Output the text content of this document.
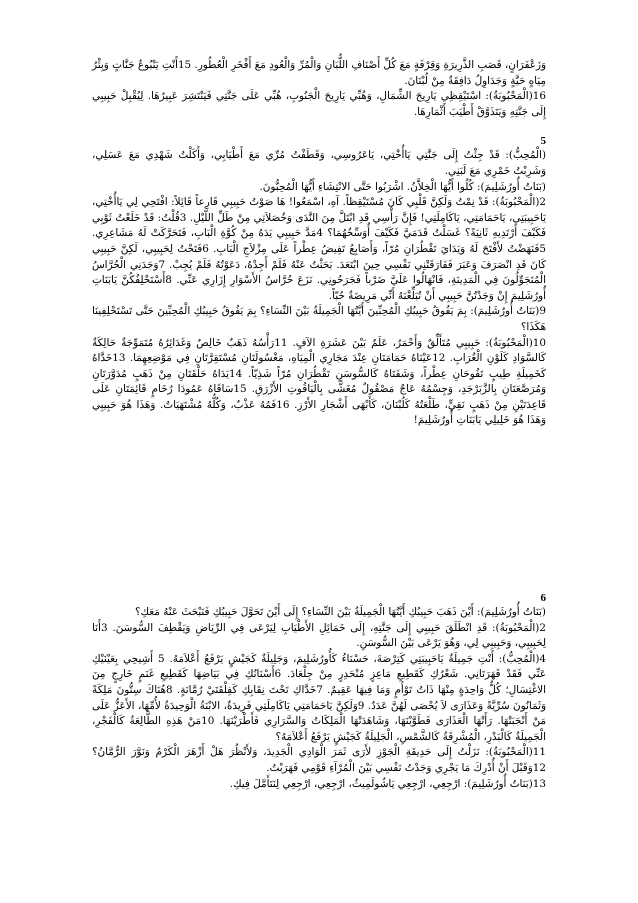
وَزَعْفَرَانٍ، قَصَبِ الذَّرِيرَةِ وَقِرْفَةٍ مَعَ كُلِّ أَصْنَافِ اللُّبَانِ وَالْمُرِّ وَالْعُودِ مَعَ أَفْخَرِ الْعُطُورِ. 15أَنْتِ يَنْبُوعُ جَنَّاتٍ وَبِئْرُ مِيَاهٍ حَيَّةٍ وَجَدَاوِلُ دَافِقَةٌ مِنْ لُبْنَانَ.
16(الْمَحْبُوبَةُ): اسْتَيْقِظِي يَارِيحَ الشِّمَالِ، وَهُبِّي يَارِيحَ الْجَنُوبِ، هُبِّي عَلَى جَنَّتِي فَيَنْتَشِرَ عَبِيرُهَا. لِيُقْبِلْ حَبِيبِي إِلَى جَنَّتِهِ وَيَتَذَوَّقْ أَطْيَبَ أَثْمَارِهَا.
5
(الْمُحِبُّ): قَدْ جِئْتُ إِلَى جَنَّتِي يَاأُخْتِي، يَاعَرُوسِي، وَقَطَفْتُ مُرِّي مَعَ أَطْيَابِي، وَأَكَلْتُ شَهْدِي مَعَ عَسَلِي، وَشَرِبْتُ خَمْرِي مَعَ لَبَنِي.
(بَنَاتُ أُورُشَلِيمَ): كُلُوا أَيُّهَا الْخِلاَّنُ. اشْرَبُوا حَتَّى الانْتِشَاءِ أَيُّهَا الْمُحِبُّونَ.
2(الْمَحْبُوبَةُ): قَدْ نِمْتُ وَلَكِنَّ قَلْبِي كَانَ مُسْتَيْقِظاً. آهِ، اسْمَعُوا! هَا صَوْتُ حَبِيبِي قَارِعاً قَائِلاً: افْتَحِي لِي يَاأُخْتِي، يَاحَبِيبَتِي، يَاحَمَامَتِي، يَاكَامِلَتِي! فَإِنَّ رَأْسِي قَدِ ابْتَلَّ مِنَ النَّدَى وَخُصَلاَتِي مِنْ طَلِّ اللَّيْلِ. 3قُلْتُ: قَدْ خَلَعْتُ ثَوْبِي فَكَيْفَ أَرْتَدِيهِ ثَانِيَةً؟ غَسَلْتُ قَدَمَيَّ فَكَيْفَ أُوَسِّخُهُمَا؟ 4مَدَّ حَبِيبِي يَدَهُ مِنْ كُوَّةِ الْبَابِ، فَتَحَرَّكَتْ لَهُ مَشَاعِرِي. 5فَنَهَضْتُ لأَفْتَحَ لَهُ وَيَدَايَ تَقْطُرَانِ مُرّاً، وَأَصَابِعُ تَفِيضُ عِطْراً عَلَى مِزْلاَجِ الْبَابِ. 6فَتَحْتُ لِحَبِيبِي، لَكِنَّ حَبِيبِي كَانَ قَدِ انْصَرَفَ وَعَبَرَ فَفَارَقَتْنِي نَفْسِي حِينَ ابْتَعَدَ. بَحَثْتُ عَنْهُ فَلَمْ أَجِدْهُ، دَعَوْتُهُ فَلَمْ يُجِبْ. 7وَجَدَنِي الْحُرَّاسُ الْمُتَجَوِّلُونَ فِي الْمَدِينَةِ، فَانْهَالُوا عَلَيَّ ضَرْباً فَجَرَحُونِي. نَزَعَ حُرَّاسُ الأَسْوَارِ إِزَارِي عَنِّي. 8أَسْتَحْلِفُكُنَّ يَابَنَاتِ أُورُشَلِيمَ إِنْ وَجَدْتُنَّ حَبِيبِي أَنْ تُبَلِّغْنَهُ أَنِّي مَرِيضَةٌ حُبّاً.
9(بَنَاتُ أُورُشَلِيمَ): بِمَ يَفُوقُ حَبِيبُكِ الْمُحِبِّينَ أَيَّتُهَا الْجَمِيلَةُ بَيْنَ النِّسَاءِ؟ بِمَ يَفُوقُ حَبِيبُكِ الْمُحِبِّينَ حَتَّى تَسْتَحْلِفِينَا هَكَذَا؟
10(الْمَحْبُوبَةُ): حَبِيبِي مُتَأَلِّقٌ وَأَحْمَرُ، عَلَمٌ بَيْنَ عَشَرَةِ الآفٍ. 11رَأْسُهُ ذَهَبٌ خَالِصٌ وَغَدَائِرُهُ مُتَمَوِّجَةٌ حَالِكَةٌ كَالسَّوَادِ كَلَوْنِ الْغُرَابِ. 12عَيْنَاهُ حَمَامَتَانِ عِنْدَ مَجَارِي الْمِيَاهِ، مَغْسُولَتَانِ مُسْتَقِرَّتَانِ فِي مَوْضِعِهِمَا. 13خَدَّاهُ كَخَمِيلَةِ طِيبٍ تَفُوحَانِ عِطْراً، وَشَفَتَاهُ كَالسُّوسَنِ تَقْطُرَانِ مُرّاً شَذِيّاً. 14يَدَاهُ حَلْقَتَانِ مِنْ ذَهَبٍ مُدَوَّرَتَانِ وَمُرَصَّعَتَانِ بِالزَّبَرْجَدِ، وَجِسْمُهُ عَاجٌ مَصْقُولٌ مُغَشًّى بِالْيَاقُوتِ الأَزْرَقِ. 15سَاقَاهُ عَمُودَا رُخَامٍ قَائِمَتَانِ عَلَى قَاعِدَتَيْنِ مِنْ ذَهَبٍ نَقِيٍّ، طَلْعَتُهُ كَلُبْنَانَ، كَأَبْهَى أَشْجَارِ الأَرْزِ. 16فَمُهُ عَذْبٌ، وَكُلُّهُ مُشْتَهَيَاتٌ. وَهَذَا هُوَ حَبِيبِي وَهَذَا هُوَ خَلِيلِي يَابَنَاتِ أُورُشَلِيمَ!
6
(بَنَاتُ أُورُشَلِيمَ): أَيْنَ ذَهَبَ حَبِيبُكِ أَيَّتُهَا الْجَمِيلَةُ بَيْنَ النِّسَاءِ؟ إِلَى أَيْنَ تَحَوَّلَ حَبِيبُكِ فَنَبْحَثَ عَنْهُ مَعَكِ؟
2(الْمَحْبُوبَةُ): قَدِ انْطَلَقَ حَبِيبِي إِلَى جَنَّتِهِ، إِلَى خَمَائِلِ الأَطْيَابِ لِيَرْعَى فِي الرِّيَاضِ وَيَقْطِفَ السُّوسَنَ. 3أَنَا لِحَبِيبِي، وَحَبِيبِي لِي، وَهُوَ يَرْعَى بَيْنَ السُّوسَنِ.
4(الْمُحِبُّ): أَنْتِ جَمِيلَةٌ يَاحَبِيبَتِي كَتِرْصَةَ، حَسْنَاءُ كَأُورُشَلِيمَ، وَجَلِيلَةٌ كَجَيْشٍ يَرْفَعُ أَعْلاَمَهُ. 5 أَشِيحِي بِعَيْنَيْكِ عَنِّي فَقَدْ قَهَرَتَانِي. شَعْرُكِ كَقَطِيعِ مَاعِزٍ مُنْحَدِرٍ مِنْ جِلْعَادَ. 6أَسْنَانُكِ فِي بَيَاضِهَا كَقَطِيعِ غَنَمٍ خَارِجٍ مِنَ الاغْتِسَالِ؛ كُلٌّ وَاحِدَةٍ مِنْهَا ذَاتُ تَوْأَمٍ وَمَا فِيهَا عَقِيمٌ. 7خَدَّاكِ تَحْتَ نِقَابِكِ كَفِلْقَتَيْ رُمَّانَةٍ. 8هُنَاكَ سِتُّونَ مَلِكَةً وَثَمَانُونَ سُرِّيَّةً وَعَذَارَى لاَ يُحْصَى لَهُنَّ عَدَدٌ. 9وَلَكِنَّ يَاحَمَامَتِي يَاكَامِلَتِي فَرِيدَةٌ، الابْنَةُ الْوَحِيدَةُ لأُمِّهَا، الأَعَزُّ عَلَى مَنْ أَنْجَبَتْهَا. رَأَتْهَا الْعَذَارَى فَطَوَّبْنَهَا، وَشَاهَدَتْهَا الْمَلِكَاتُ وَالسَّرَارِي فَأَطْرَيْنَهَا. 10مَنْ هَذِهِ الطَّالِعَةُ كَالْفَجْرِ، الْجَمِيلَةُ كَالْبَدْرِ، الْمُشْرِقَةُ كَالشَّمْسِ، الْجَلِيلَةُ كَجَيْشٍ يَرْفَعُ أَعْلاَمَهُ؟
11(الْمَحْبُوبَةُ): نَزَلْتُ إِلَى حَدِيقَةِ الْجَوْزِ لأَرَى ثَمَرَ الْوَادِي الْجَدِيدَ، وَلأَنْظُرَ هَلْ أَزْهَرَ الْكَرْمُ وَنَوَّرَ الرُّمَّانُ؟ 12وَقَبْلَ أَنْ أُدْرِكَ مَا يَجْرِي وَجَدْتُ نَفْسِي بَيْنَ الْمُرْآءِ قَوْمِي فَهَرَبْتُ.
13(بَنَاتُ أُورُشَلِيمَ): ارْجِعِي، ارْجِعِي يَاشُولَمِيثُ، ارْجِعِي، ارْجِعِي لِنَتَأَمَّلَ فِيكِ.
